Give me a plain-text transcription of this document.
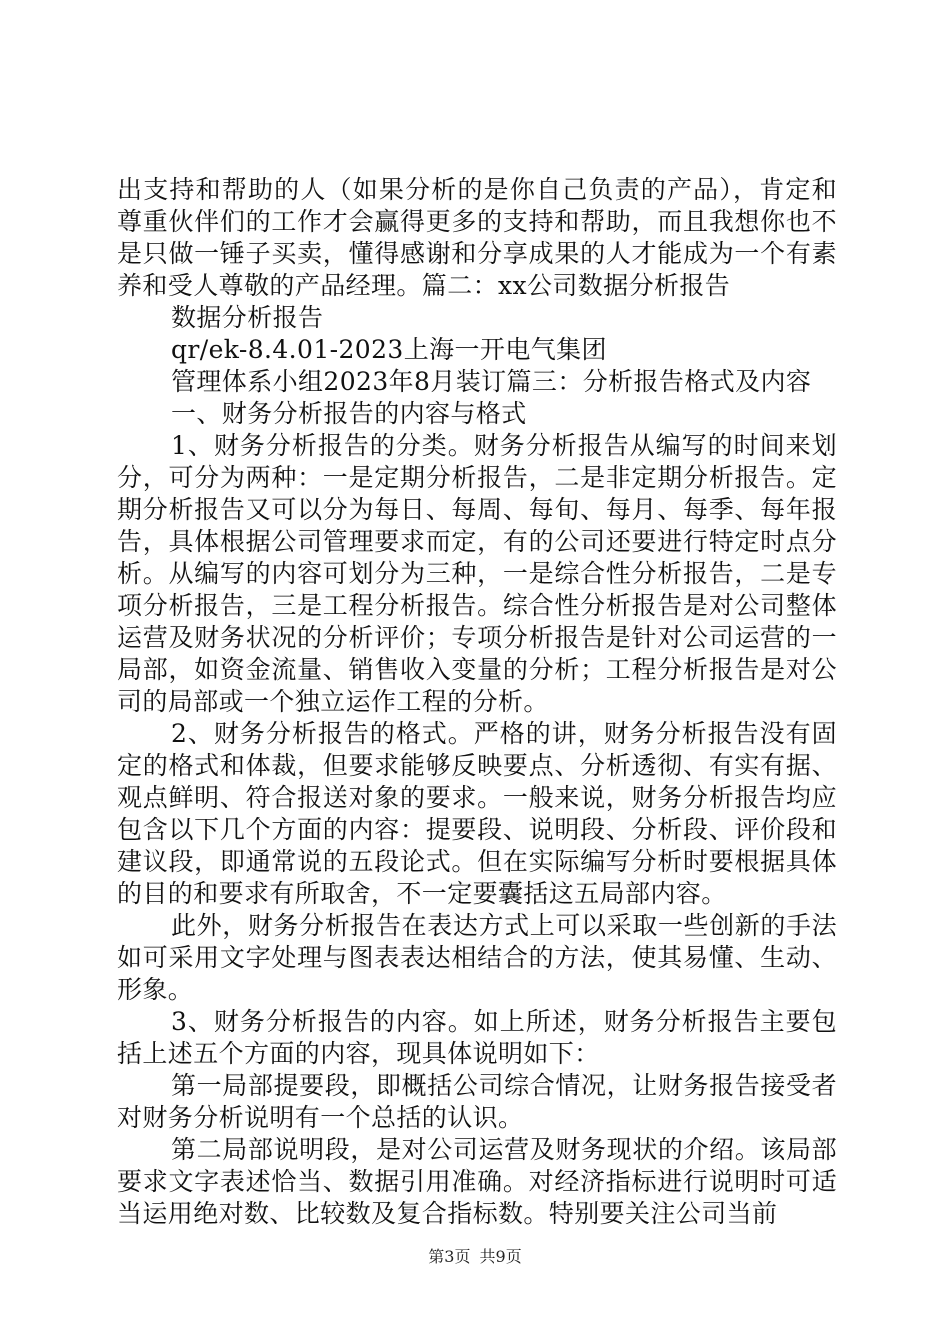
出支持和帮助的人（如果分析的是你自己负责的产品），肯定和尊重伙伴们的工作才会赢得更多的支持和帮助，而且我想你也不是只做一锤子买卖，懂得感谢和分享成果的人才能成为一个有素养和受人尊敬的产品经理。篇二：xx公司数据分析报告

数据分析报告

qr/ek-8.4.01-2023上海一开电气集团

管理体系小组2023年8月装订篇三：分析报告格式及内容

一、财务分析报告的内容与格式

1、财务分析报告的分类。财务分析报告从编写的时间来划分，可分为两种：一是定期分析报告，二是非定期分析报告。定期分析报告又可以分为每日、每周、每旬、每月、每季、每年报告，具体根据公司管理要求而定，有的公司还要进行特定时点分析。从编写的内容可划分为三种，一是综合性分析报告，二是专项分析报告，三是工程分析报告。综合性分析报告是对公司整体运营及财务状况的分析评价；专项分析报告是针对公司运营的一局部，如资金流量、销售收入变量的分析；工程分析报告是对公司的局部或一个独立运作工程的分析。

2、财务分析报告的格式。严格的讲，财务分析报告没有固定的格式和体裁，但要求能够反映要点、分析透彻、有实有据、观点鲜明、符合报送对象的要求。一般来说，财务分析报告均应包含以下几个方面的内容：提要段、说明段、分析段、评价段和建议段，即通常说的五段论式。但在实际编写分析时要根据具体的目的和要求有所取舍，不一定要囊括这五局部内容。

此外，财务分析报告在表达方式上可以采取一些创新的手法如可采用文字处理与图表表达相结合的方法，使其易懂、生动、形象。

3、财务分析报告的内容。如上所述，财务分析报告主要包括上述五个方面的内容，现具体说明如下：

第一局部提要段，即概括公司综合情况，让财务报告接受者对财务分析说明有一个总括的认识。

第二局部说明段，是对公司运营及财务现状的介绍。该局部要求文字表述恰当、数据引用准确。对经济指标进行说明时可适当运用绝对数、比较数及复合指标数。特别要关注公司当前

第3页 共9页
